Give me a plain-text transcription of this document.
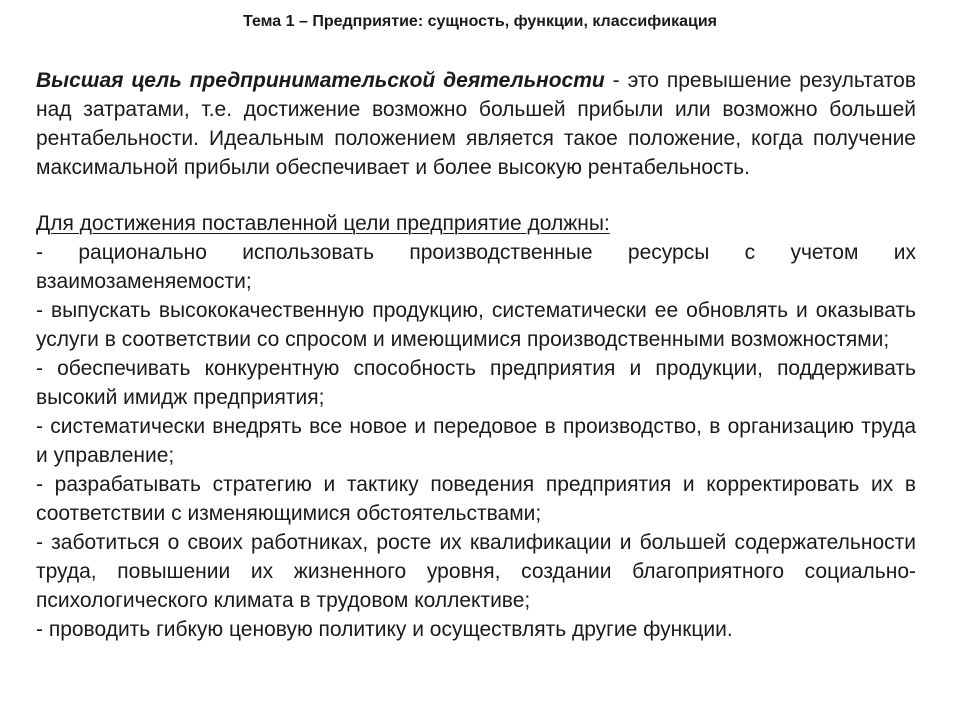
Тема 1 – Предприятие: сущность, функции, классификация

Высшая цель предпринимательской деятельности - это превышение результатов над затратами, т.е. достижение возможно большей прибыли или возможно большей рентабельности. Идеальным положением является такое положение, когда получение максимальной прибыли обеспечивает и более высокую рентабельность.

Для достижения поставленной цели предприятие должны:

- рационально использовать производственные ресурсы с учетом их взаимозаменяемости;
- выпускать высококачественную продукцию, систематически ее обновлять и оказывать услуги в соответствии со спросом и имеющимися производственными возможностями;
- обеспечивать конкурентную способность предприятия и продукции, поддерживать высокий имидж предприятия;
- систематически внедрять все новое и передовое в производство, в организацию труда и управление;
- разрабатывать стратегию и тактику поведения предприятия и корректировать их в соответствии с изменяющимися обстоятельствами;
- заботиться о своих работниках, росте их квалификации и большей содержательности труда, повышении их жизненного уровня, создании благоприятного социально-психологического климата в трудовом коллективе;
- проводить гибкую ценовую политику и осуществлять другие функции.
